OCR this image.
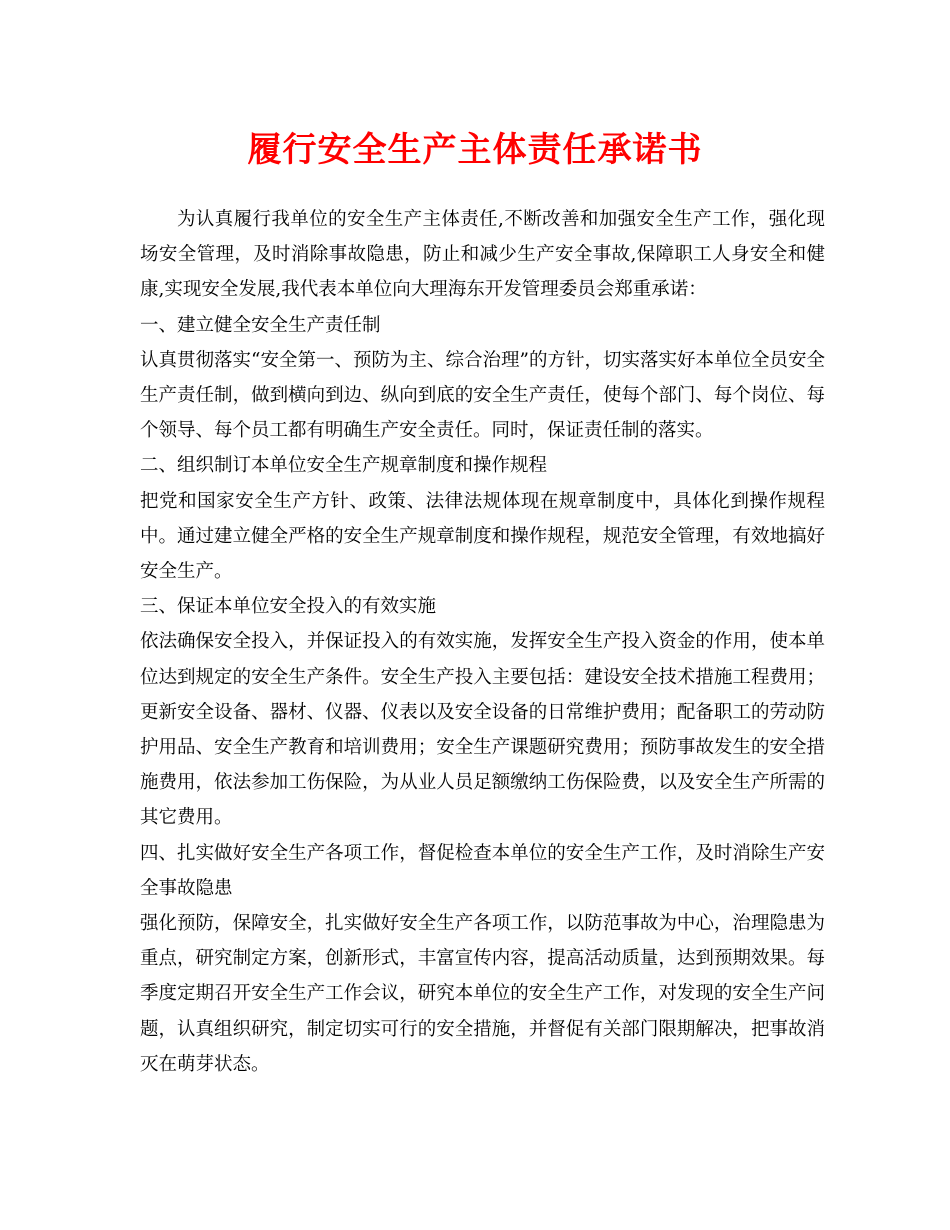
履行安全生产主体责任承诺书

为认真履行我单位的安全生产主体责任,不断改善和加强安全生产工作，强化现场安全管理，及时消除事故隐患，防止和减少生产安全事故,保障职工人身安全和健康,实现安全发展,我代表本单位向大理海东开发管理委员会郑重承诺：

一、建立健全安全生产责任制

认真贯彻落实“安全第一、预防为主、综合治理”的方针，切实落实好本单位全员安全生产责任制，做到横向到边、纵向到底的安全生产责任，使每个部门、每个岗位、每个领导、每个员工都有明确生产安全责任。同时，保证责任制的落实。

二、组织制订本单位安全生产规章制度和操作规程

把党和国家安全生产方针、政策、法律法规体现在规章制度中，具体化到操作规程中。通过建立健全严格的安全生产规章制度和操作规程，规范安全管理，有效地搞好安全生产。

三、保证本单位安全投入的有效实施

依法确保安全投入，并保证投入的有效实施，发挥安全生产投入资金的作用，使本单位达到规定的安全生产条件。安全生产投入主要包括：建设安全技术措施工程费用；更新安全设备、器材、仪器、仪表以及安全设备的日常维护费用；配备职工的劳动防护用品、安全生产教育和培训费用；安全生产课题研究费用；预防事故发生的安全措施费用，依法参加工伤保险，为从业人员足额缴纳工伤保险费，以及安全生产所需的其它费用。

四、扎实做好安全生产各项工作，督促检查本单位的安全生产工作，及时消除生产安全事故隐患

强化预防，保障安全，扎实做好安全生产各项工作，以防范事故为中心，治理隐患为重点，研究制定方案，创新形式，丰富宣传内容，提高活动质量，达到预期效果。每季度定期召开安全生产工作会议，研究本单位的安全生产工作，对发现的安全生产问题，认真组织研究，制定切实可行的安全措施，并督促有关部门限期解决，把事故消灭在萌芽状态。
